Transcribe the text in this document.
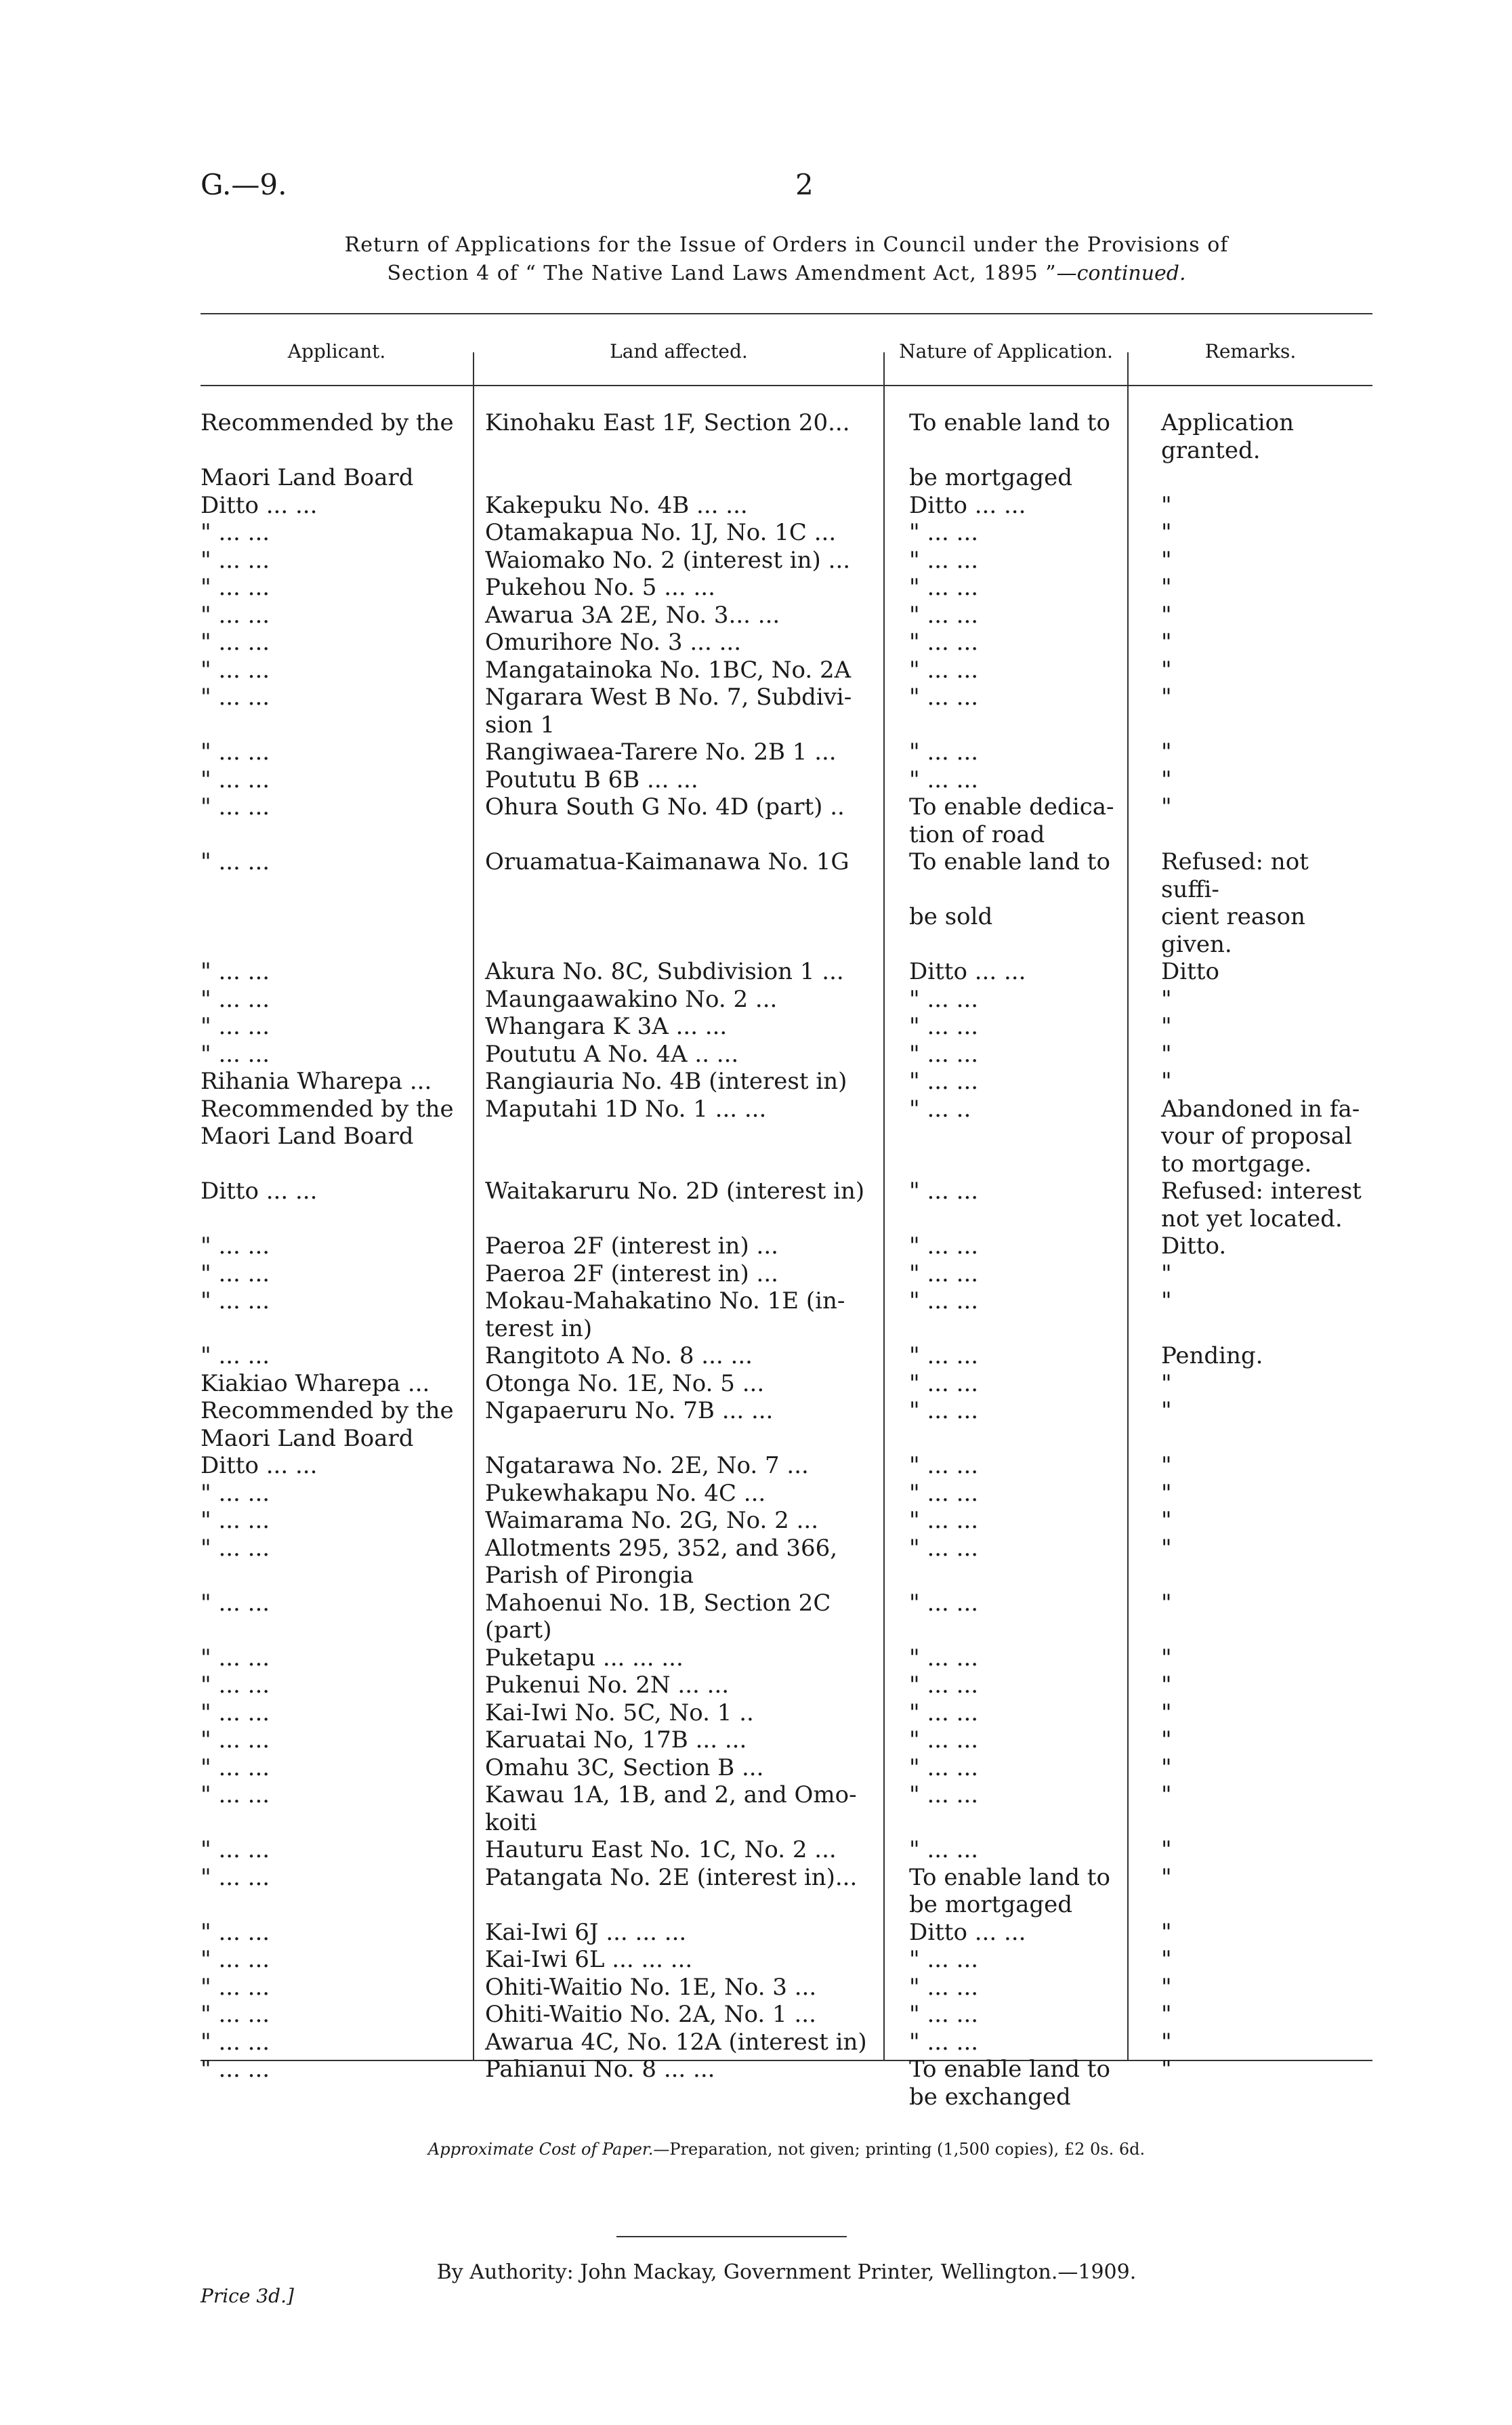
G.—9.	2
Return of Applications for the Issue of Orders in Council under the Provisions of
Section 4 of “ The Native Land Laws Amendment Act, 1895 ”—continued.
Applicant.	Land affected.	Nature of Application.	Remarks.
Recommended by the	Kinohaku East 1F, Section 20...	To enable land to	Application granted.
Maori Land Board		be mortgaged	
Ditto ... ...	Kakepuku No. 4B ... ...	Ditto ... ...	"
" ... ...	Otamakapua No. 1J, No. 1C ...	" ... ...	"
" ... ...	Waiomako No. 2 (interest in) ...	" ... ...	"
" ... ...	Pukehou No. 5 ... ...	" ... ...	"
" ... ...	Awarua 3A 2E, No. 3... ...	" ... ...	"
" ... ...	Omurihore No. 3 ... ...	" ... ...	"
" ... ...	Mangatainoka No. 1BC, No. 2A	" ... ...	"
" ... ...	Ngarara West B No. 7, Subdivi-	" ... ...	"
	sion 1		
" ... ...	Rangiwaea-Tarere No. 2B 1 ...	" ... ...	"
" ... ...	Poututu B 6B ... ...	" ... ...	"
" ... ...	Ohura South G No. 4D (part) ..	To enable dedica-	"
		tion of road	
" ... ...	Oruamatua-Kaimanawa No. 1G	To enable land to	Refused: not suffi-
		be sold	cient reason given.
" ... ...	Akura No. 8C, Subdivision 1 ...	Ditto ... ...	Ditto
" ... ...	Maungaawakino No. 2 ...	" ... ...	"
" ... ...	Whangara K 3A ... ...	" ... ...	"
" ... ...	Poututu A No. 4A .. ...	" ... ...	"
Rihania Wharepa ...	Rangiauria No. 4B (interest in)	" ... ...	"
Recommended by the	Maputahi 1D No. 1 ... ...	" ... ..	Abandoned in fa-
Maori Land Board			vour of proposal
			to mortgage.
Ditto ... ...	Waitakaruru No. 2D (interest in)	" ... ...	Refused: interest
			not yet located.
" ... ...	Paeroa 2F (interest in) ...	" ... ...	Ditto.
" ... ...	Paeroa 2F (interest in) ...	" ... ...	"
" ... ...	Mokau-Mahakatino No. 1E (in-	" ... ...	"
	terest in)		
" ... ...	Rangitoto A No. 8 ... ...	" ... ...	Pending.
Kiakiao Wharepa ...	Otonga No. 1E, No. 5 ...	" ... ...	"
Recommended by the	Ngapaeruru No. 7B ... ...	" ... ...	"
Maori Land Board			
Ditto ... ...	Ngatarawa No. 2E, No. 7 ...	" ... ...	"
" ... ...	Pukewhakapu No. 4C ...	" ... ...	"
" ... ...	Waimarama No. 2G, No. 2 ...	" ... ...	"
" ... ...	Allotments 295, 352, and 366,	" ... ...	"
	Parish of Pirongia		
" ... ...	Mahoenui No. 1B, Section 2C	" ... ...	"
	(part)		
" ... ...	Puketapu ... ... ...	" ... ...	"
" ... ...	Pukenui No. 2N ... ...	" ... ...	"
" ... ...	Kai-Iwi No. 5C, No. 1 ..	" ... ...	"
" ... ...	Karuatai No, 17B ... ...	" ... ...	"
" ... ...	Omahu 3C, Section B ...	" ... ...	"
" ... ...	Kawau 1A, 1B, and 2, and Omo-	" ... ...	"
	koiti		
" ... ...	Hauturu East No. 1C, No. 2 ...	" ... ...	"
" ... ...	Patangata No. 2E (interest in)...	To enable land to	"
		be mortgaged	
" ... ...	Kai-Iwi 6J ... ... ...	Ditto ... ...	"
" ... ...	Kai-Iwi 6L ... ... ...	" ... ...	"
" ... ...	Ohiti-Waitio No. 1E, No. 3 ...	" ... ...	"
" ... ...	Ohiti-Waitio No. 2A, No. 1 ...	" ... ...	"
" ... ...	Awarua 4C, No. 12A (interest in)	" ... ...	"
" ... ...	Pahianui No. 8 ... ...	To enable land to	"
		be exchanged	
Approximate Cost of Paper.—Preparation, not given; printing (1,500 copies), £2 0s. 6d.
By Authority: John Mackay, Government Printer, Wellington.—1909.
Price 3d.]
